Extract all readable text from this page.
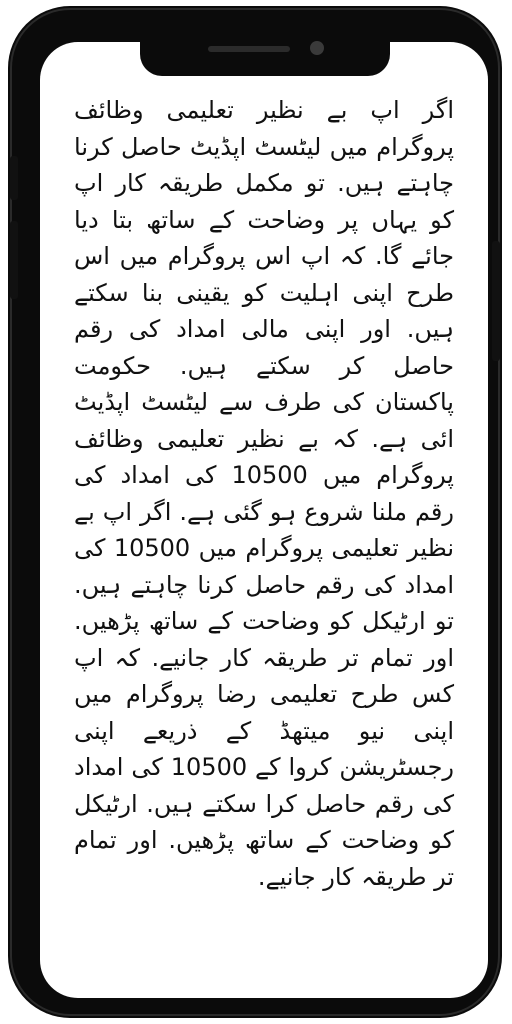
اگر اپ بے نظیر تعلیمی وظائف پروگرام میں لیٹسٹ اپڈیٹ حاصل کرنا چاہتے ہیں. تو مکمل طریقہ کار اپ کو یہاں پر وضاحت کے ساتھ بتا دیا جائے گا. کہ اپ اس پروگرام میں اس طرح اپنی اہلیت کو یقینی بنا سکتے ہیں. اور اپنی مالی امداد کی رقم حاصل کر سکتے ہیں. حکومت پاکستان کی طرف سے لیٹسٹ اپڈیٹ ائی ہے. کہ بے نظیر تعلیمی وظائف پروگرام میں 10500 کی امداد کی رقم ملنا شروع ہو گئی ہے. اگر اپ بے نظیر تعلیمی پروگرام میں 10500 کی امداد کی رقم حاصل کرنا چاہتے ہیں. تو ارٹیکل کو وضاحت کے ساتھ پڑھیں. اور تمام تر طریقہ کار جانیے. کہ اپ کس طرح تعلیمی رضا پروگرام میں اپنی نیو میتھڈ کے ذریعے اپنی رجسٹریشن کروا کے 10500 کی امداد کی رقم حاصل کرا سکتے ہیں. ارٹیکل کو وضاحت کے ساتھ پڑھیں. اور تمام تر طریقہ کار جانیے.
